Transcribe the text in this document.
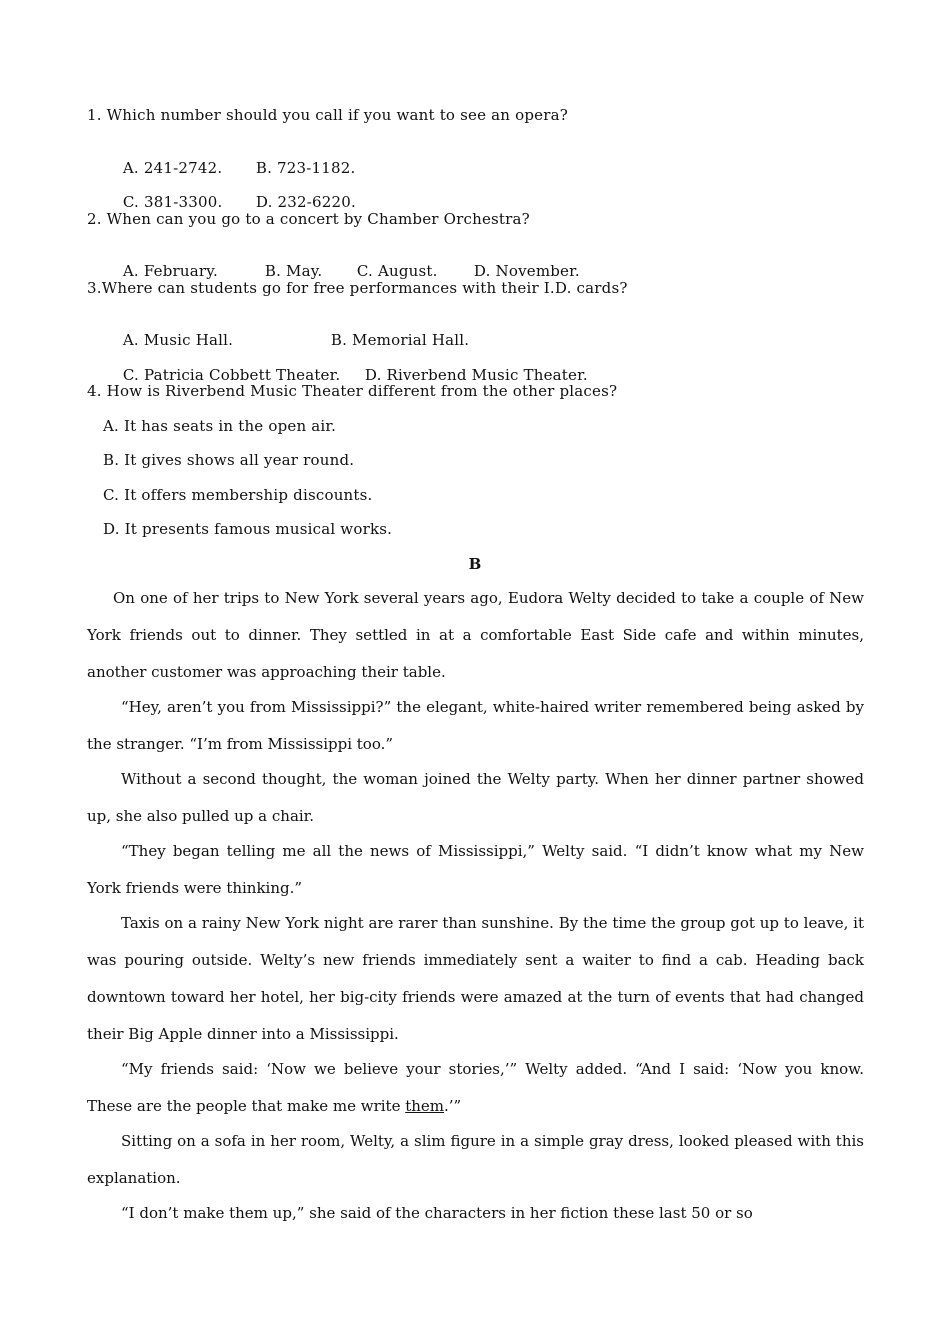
1. Which number should you call if you want to see an opera?

A. 241-2742. B. 723-1182.

C. 381-3300. D. 232-6220.

2. When can you go to a concert by Chamber Orchestra?

A. February.	B. May. C. August. D. November.

3.Where can students go for free performances with their I.D. cards?

A. Music Hall.	B. Memorial Hall.

C. Patricia Cobbett Theater. D. Riverbend Music Theater.

4. How is Riverbend Music Theater different from the other places?
A. It has seats in the open air.
B. It gives shows all year round.
C. It offers membership discounts.
D. It presents famous musical works.
B
On one of her trips to New York several years ago, Eudora Welty decided to take a couple of New York friends out to dinner. They settled in at a comfortable East Side cafe and within minutes, another customer was approaching their table.
“Hey, aren’t you from Mississippi?” the elegant, white-haired writer remembered being asked by the stranger. “I’m from Mississippi too.”
Without a second thought, the woman joined the Welty party. When her dinner partner showed up, she also pulled up a chair.
“They began telling me all the news of Mississippi,” Welty said. “I didn’t know what my New York friends were thinking.”
Taxis on a rainy New York night are rarer than sunshine. By the time the group got up to leave, it was pouring outside. Welty’s new friends immediately sent a waiter to find a cab. Heading back downtown toward her hotel, her big-city friends were amazed at the turn of events that had changed their Big Apple dinner into a Mississippi.
“My friends said: ‘Now we believe your stories,’” Welty added. “And I said: ‘Now you know. These are the people that make me write them.’”
Sitting on a sofa in her room, Welty, a slim figure in a simple gray dress, looked pleased with this explanation.
“I don’t make them up,” she said of the characters in her fiction these last 50 or so
